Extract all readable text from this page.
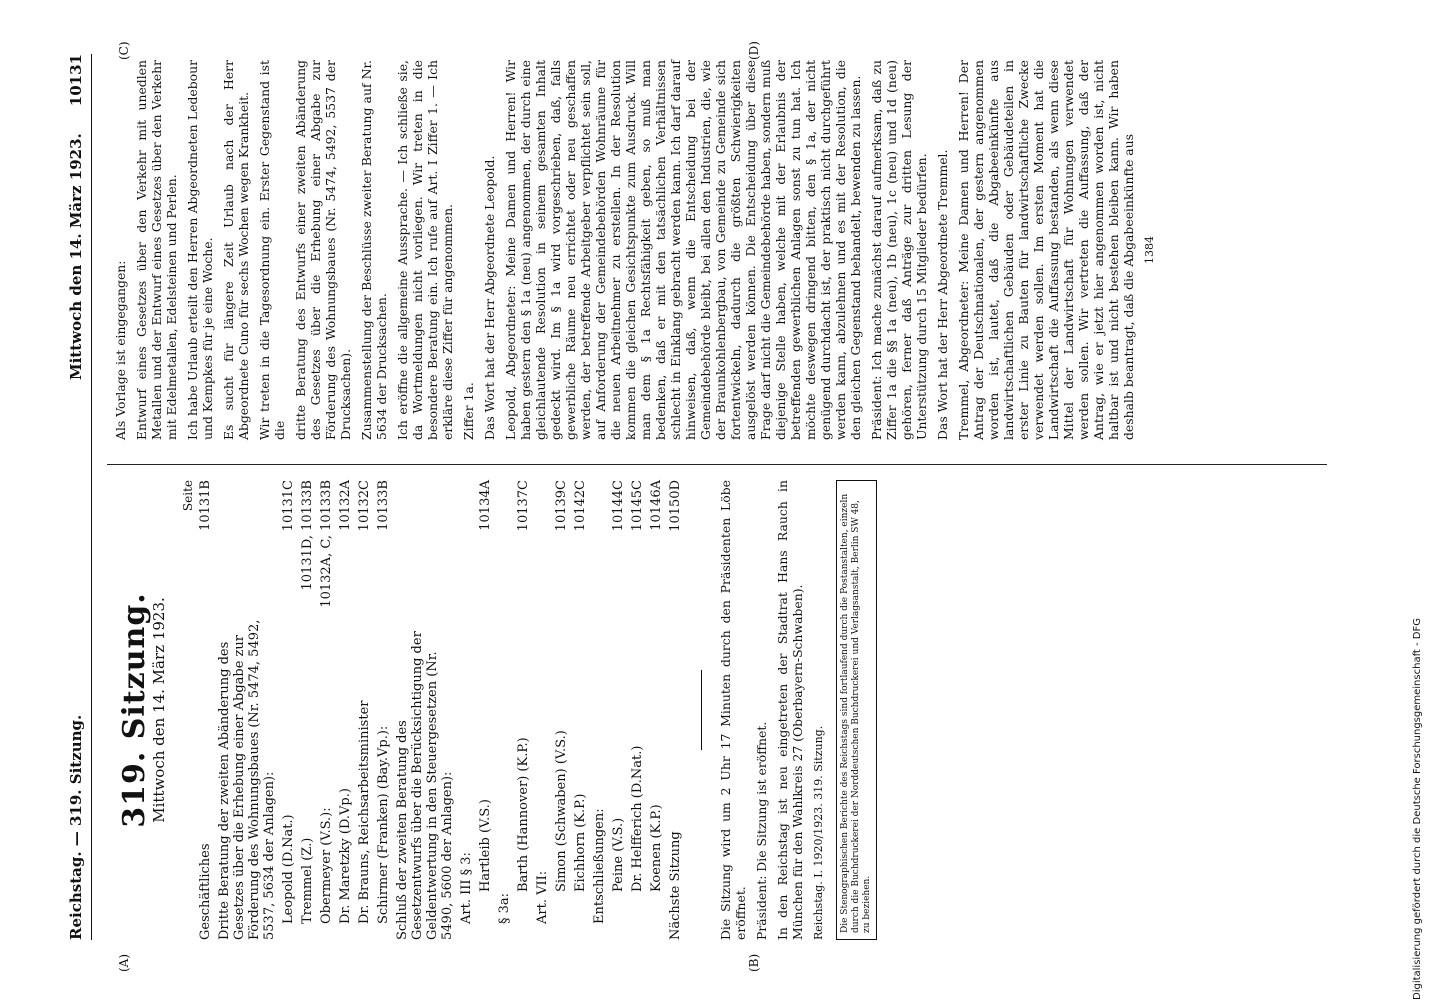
Reichstag. — 319. Sitzung.
Mittwoch den 14. März 1923.
10131
(A)	(B)
(C)	(D)
319. Sitzung.
Mittwoch den 14. März 1923.
Seite
Geschäftliches	10131B
Dritte Beratung der zweiten Abänderung des Gesetzes über die Erhebung einer Abgabe zur Förderung des Wohnungsbaues (Nr. 5474, 5492, 5537, 5634 der Anlagen):	
Leopold (D.Nat.)	10131C
Tremmel (Z.)	10131D, 10133B
Obermeyer (V.S.):	10132A, C, 10133B
Dr. Maretzky (D.Vp.)	10132A
Dr. Brauns, Reichsarbeitsminister	10132C
Schirmer (Franken) (Bay.Vp.):	10133B
Schluß der zweiten Beratung des Gesetzentwurfs über die Berücksichtigung der Geldentwertung in den Steuergesetzen (Nr. 5490, 5600 der Anlagen):	
Art. III § 3:	
Hartleib (V.S.)	10134A
§ 3a:	
Barth (Hannover) (K.P.)	10137C
Art. VII:	
Simon (Schwaben) (V.S.)	10139C
Eichhorn (K.P.)	10142C
Entschließungen:	
Peine (V.S.)	10144C
Dr. Helfferich (D.Nat.)	10145C
Koenen (K.P.)	10146A
Nächste Sitzung	10150D	Die Sitzung wird um 2 Uhr 17 Minuten durch den Präsidenten Löbe eröffnet. Präsident: Die Sitzung ist eröffnet. In den Reichstag ist neu eingetreten der Stadtrat Hans Rauch in München für den Wahlkreis 27 (Oberbayern-Schwaben). Reichstag. I. 1920/1923. 319. Sitzung.	Die Stenographischen Berichte des Reichstags sind fortlaufend durch die Postanstalten, einzeln durch die Buchdruckerei der Norddeutschen Buchdruckerei und Verlagsanstalt, Berlin SW 48, zu beziehen.

Als Vorlage ist eingegangen: Entwurf eines Gesetzes über den Verkehr mit unedlen Metallen und der Entwurf eines Gesetzes über den Verkehr mit Edelmetallen, Edelsteinen und Perlen. Ich habe Urlaub erteilt den Herren Abgeordneten Ledebour und Kempkes für je eine Woche. Es sucht für längere Zeit Urlaub nach der Herr Abgeordnete Cuno für sechs Wochen wegen Krankheit. Wir treten in die Tagesordnung ein. Erster Gegenstand ist die dritte Beratung des Entwurfs einer zweiten Abänderung des Gesetzes über die Erhebung einer Abgabe zur Förderung des Wohnungsbaues (Nr. 5474, 5492, 5537 der Drucksachen). Zusammenstellung der Beschlüsse zweiter Beratung auf Nr. 5634 der Drucksachen. Ich eröffne die allgemeine Aussprache. — Ich schließe sie, da Wortmeldungen nicht vorliegen. Wir treten in die besondere Beratung ein. Ich rufe auf Art. I Ziffer 1. — Ich erkläre diese Ziffer für angenommen. Ziffer 1a. Das Wort hat der Herr Abgeordnete Leopold. Leopold, Abgeordneter: Meine Damen und Herren! Wir haben gestern den § 1a (neu) angenommen, der durch eine gleichlautende Resolution in seinem gesamten Inhalt gedeckt wird. Im § 1a wird vorgeschrieben, daß, falls gewerbliche Räume neu errichtet oder neu geschaffen werden, der betreffende Arbeitgeber verpflichtet sein soll, auf Anforderung der Gemeindebehörden Wohnräume für die neuen Arbeitnehmer zu erstellen. In der Resolution kommen die gleichen Gesichtspunkte zum Ausdruck. Will man dem § 1a Rechtsfähigkeit geben, so muß man bedenken, daß er mit den tatsächlichen Verhältnissen schlecht in Einklang gebracht werden kann. Ich darf darauf hinweisen, daß, wenn die Entscheidung bei der Gemeindebehörde bleibt, bei allen den Industrien, die, wie der Braunkohlenbergbau, von Gemeinde zu Gemeinde sich fortentwickeln, dadurch die größten Schwierigkeiten ausgelöst werden können. Die Entscheidung über diese Frage darf nicht die Gemeindebehörde haben, sondern muß diejenige Stelle haben, welche mit der Erlaubnis der betreffenden gewerblichen Anlagen sonst zu tun hat. Ich möchte deswegen dringend bitten, den § 1a, der nicht genügend durchdacht ist, der praktisch nicht durchgeführt werden kann, abzulehnen und es mit der Resolution, die den gleichen Gegenstand behandelt, bewenden zu lassen. Präsident: Ich mache zunächst darauf aufmerksam, daß zu Ziffer 1a die §§ 1a (neu), 1b (neu), 1c (neu) und 1d (neu) gehören, ferner daß Anträge zur dritten Lesung der Unterstützung durch 15 Mitglieder bedürfen. Das Wort hat der Herr Abgeordnete Tremmel. Tremmel, Abgeordneter: Meine Damen und Herren! Der Antrag der Deutschnationalen, der gestern angenommen worden ist, lautet, daß die Abgabeeinkünfte aus landwirtschaftlichen Gebäuden oder Gebäudeteilen in erster Linie zu Bauten für landwirtschaftliche Zwecke verwendet werden sollen. Im ersten Moment hat die Landwirtschaft die Auffassung bestanden, als wenn diese Mittel der Landwirtschaft für Wohnungen verwendet werden sollen. Wir vertreten die Auffassung, daß der Antrag, wie er jetzt hier angenommen worden ist, nicht haltbar ist und nicht bestehen bleiben kann. Wir haben deshalb beantragt, daß die Abgabeeinkünfte aus 1384
Digitalisierung gefördert durch die Deutsche Forschungsgemeinschaft - DFG
